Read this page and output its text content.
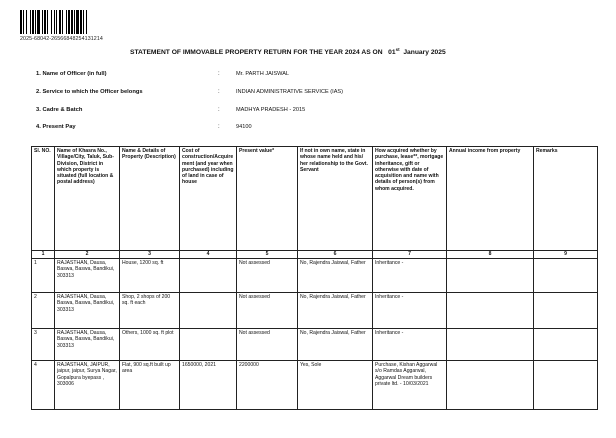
2025-68042-26566848254131214
STATEMENT OF IMMOVABLE PROPERTY RETURN FOR THE YEAR 2024 AS ON 01st January 2025
1. Name of Officer (in full)	:	Mr. PARTH JAISWAL
2. Service to which the Officer belongs	:	INDIAN ADMINISTRATIVE SERVICE (IAS)
3. Cadre & Batch	:	MADHYA PRADESH - 2015
4. Present Pay	:	94100
Sl. NO.	Name of Khasra No., Village/City, Taluk, Sub-Division, District in which property is situated (full location & postal address)	Name & Details of Property (Description)	Cost of construction/Acquirement (and year when purchased) including of land in case of house	Present value*	If not in own name, state in whose name held and his/ her relationship to the Govt. Servant	How acquired whether by purchase, lease**, mortgage inheritance, gift or otherwise with date of acquisition and name with details of person(s) from whom acquired.	Annual income from property	Remarks
1	2	3	4	5	6	7	8	9
1	RAJASTHAN, Dausa, Baswa, Baswa, Bandikui, 303313	House, 1200 sq. ft		Not assessed	No, Rajendra Jaiswal, Father	Inheritance -		
2	RAJASTHAN, Dausa, Baswa, Baswa, Bandikui, 303313	Shop, 2 shops of 200 sq. ft each		Not assessed	No, Rajendra Jaiswal, Father	Inheritance -		
3	RAJASTHAN, Dausa, Baswa, Baswa, Bandikui, 303313	Others, 1000 sq. ft plot		Not assessed	No, Rajendra Jaiswal, Father	Inheritance -		
4	RAJASTHAN, JAIPUR, jaipur, jaipur, Surya Nagar, Gopalpura byepass , 303006	Flat, 900 sq.ft built up area	1650000, 2021	2200000	Yes, Sole	Purchase, Kishan Aggarwal s/o Ramdas Aggarwal, Aggarwal Dream builders private ltd. - 10/03/2021		
